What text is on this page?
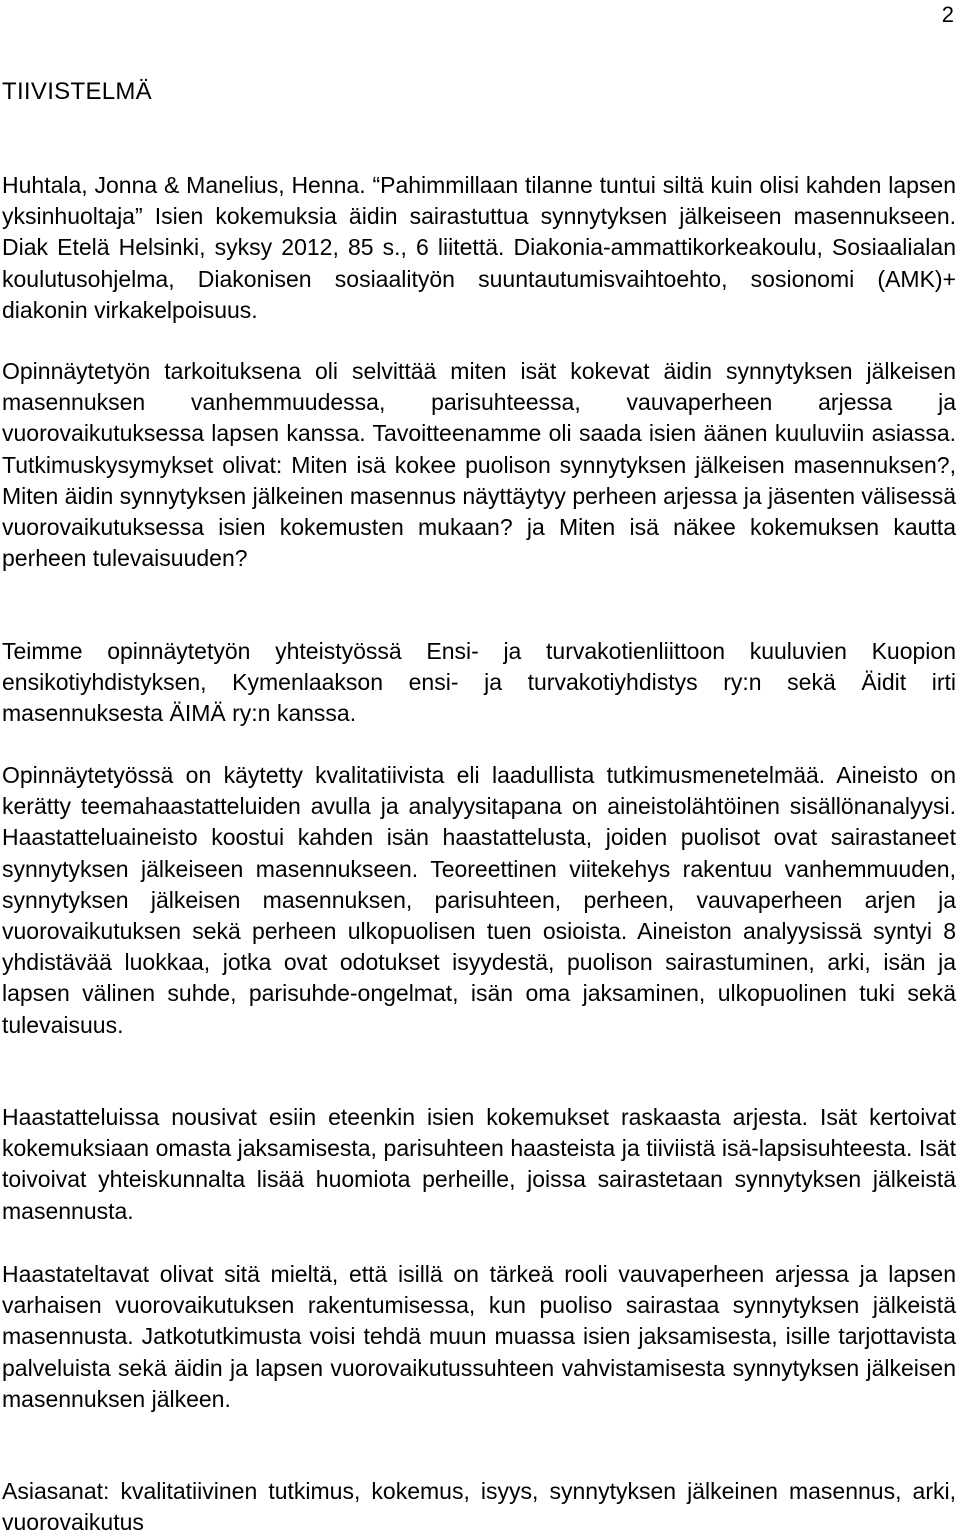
2
TIIVISTELMÄ

Huhtala, Jonna & Manelius, Henna. “Pahimmillaan tilanne tuntui siltä kuin olisi kahden lapsen yksinhuoltaja” Isien kokemuksia äidin sairastuttua synnytyksen jälkeiseen masennukseen. Diak Etelä Helsinki, syksy 2012, 85 s., 6 liitettä. Diakonia-ammattikorkeakoulu, Sosiaalialan koulutusohjelma, Diakonisen sosiaalityön suuntautumisvaihtoehto, sosionomi (AMK)+ diakonin virkakelpoisuus.

Opinnäytetyön tarkoituksena oli selvittää miten isät kokevat äidin synnytyksen jälkeisen masennuksen vanhemmuudessa, parisuhteessa, vauvaperheen arjessa ja vuorovaikutuksessa lapsen kanssa. Tavoitteenamme oli saada isien äänen kuuluviin asiassa. Tutkimuskysymykset olivat: Miten isä kokee puolison synnytyksen jälkeisen masennuksen?, Miten äidin synnytyksen jälkeinen masennus näyttäytyy perheen arjessa ja jäsenten välisessä vuorovaikutuksessa isien kokemusten mukaan? ja Miten isä näkee kokemuksen kautta perheen tulevaisuuden?

Teimme opinnäytetyön yhteistyössä Ensi- ja turvakotienliittoon kuuluvien Kuopion ensikotiyhdistyksen, Kymenlaakson ensi- ja turvakotiyhdistys ry:n sekä Äidit irti masennuksesta ÄIMÄ ry:n kanssa.

Opinnäytetyössä on käytetty kvalitatiivista eli laadullista tutkimusmenetelmää. Aineisto on kerätty teemahaastatteluiden avulla ja analyysitapana on aineistolähtöinen sisällönanalyysi. Haastatteluaineisto koostui kahden isän haastattelusta, joiden puolisot ovat sairastaneet synnytyksen jälkeiseen masennukseen. Teoreettinen viitekehys rakentuu vanhemmuuden, synnytyksen jälkeisen masennuksen, parisuhteen, perheen, vauvaperheen arjen ja vuorovaikutuksen sekä perheen ulkopuolisen tuen osioista. Aineiston analyysissä syntyi 8 yhdistävää luokkaa, jotka ovat odotukset isyydestä, puolison sairastuminen, arki, isän ja lapsen välinen suhde, parisuhde-ongelmat, isän oma jaksaminen, ulkopuolinen tuki sekä tulevaisuus.

Haastatteluissa nousivat esiin eteenkin isien kokemukset raskaasta arjesta. Isät kertoivat kokemuksiaan omasta jaksamisesta, parisuhteen haasteista ja tiiviistä isä-lapsisuhteesta. Isät toivoivat yhteiskunnalta lisää huomiota perheille, joissa sairastetaan synnytyksen jälkeistä masennusta.

Haastateltavat olivat sitä mieltä, että isillä on tärkeä rooli vauvaperheen arjessa ja lapsen varhaisen vuorovaikutuksen rakentumisessa, kun puoliso sairastaa synnytyksen jälkeistä masennusta. Jatkotutkimusta voisi tehdä muun muassa isien jaksamisesta, isille tarjottavista palveluista sekä äidin ja lapsen vuorovaikutussuhteen vahvistamisesta synnytyksen jälkeisen masennuksen jälkeen.

Asiasanat: kvalitatiivinen tutkimus, kokemus, isyys, synnytyksen jälkeinen masennus, arki, vuorovaikutus
